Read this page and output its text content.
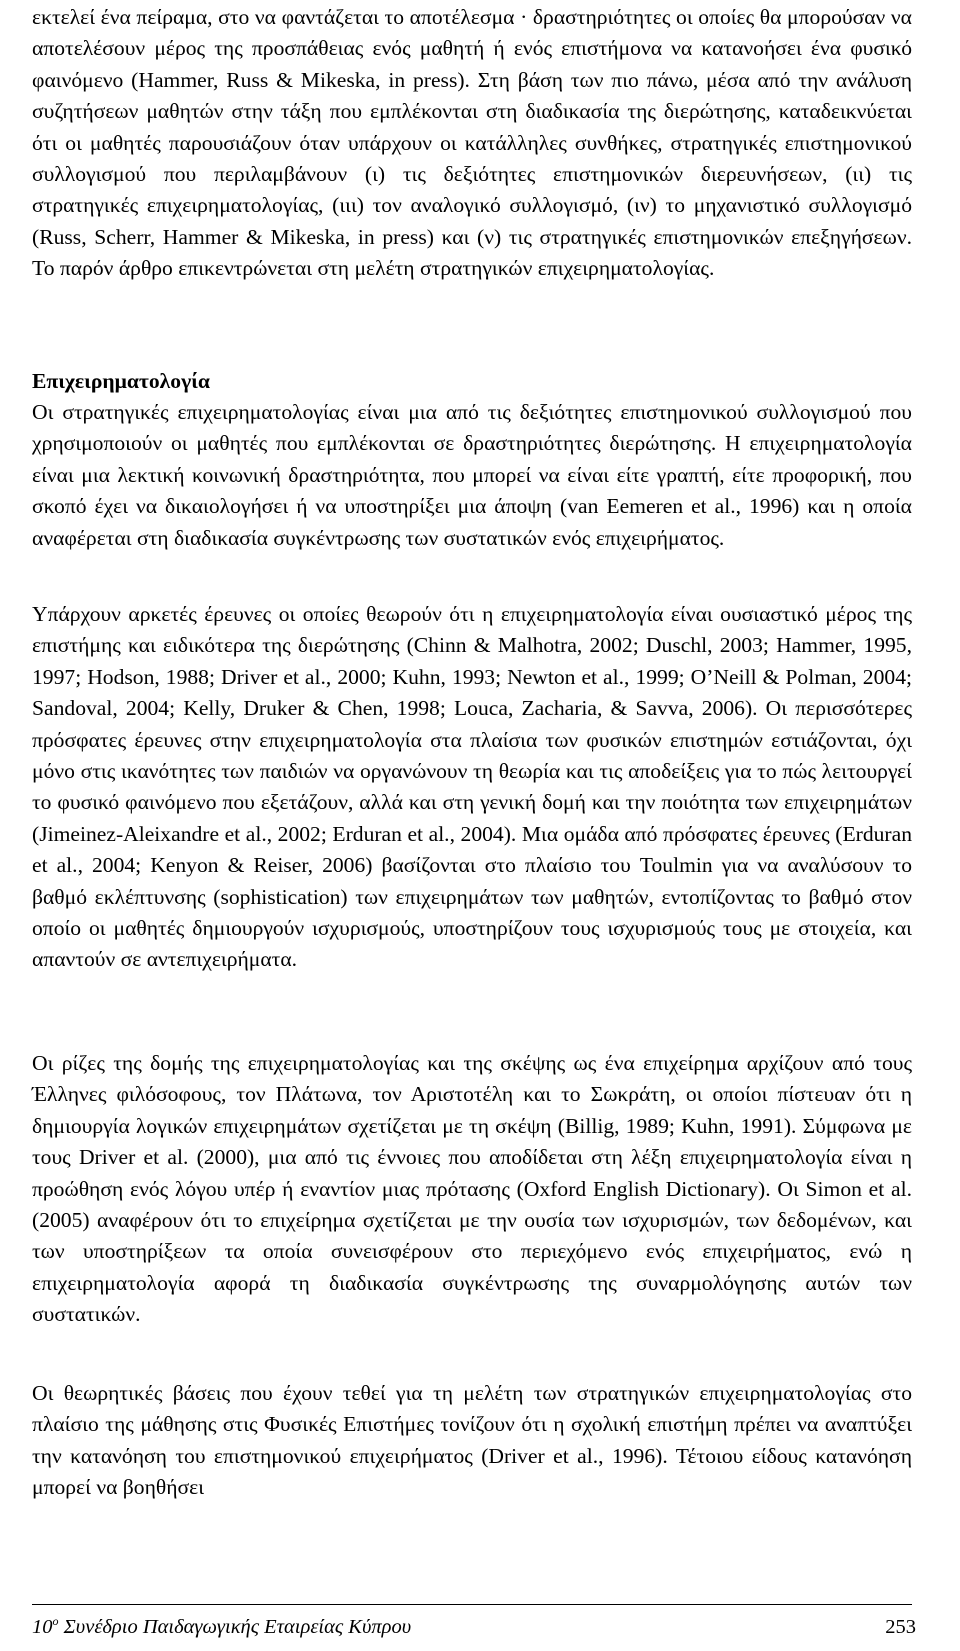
εκτελεί ένα πείραμα, στο να φαντάζεται το αποτέλεσμα · δραστηριότητες οι οποίες θα μπορούσαν να αποτελέσουν μέρος της προσπάθειας ενός μαθητή ή ενός επιστήμονα να κατανοήσει ένα φυσικό φαινόμενο (Hammer, Russ & Mikeska, in press). Στη βάση των πιο πάνω, μέσα από την ανάλυση συζητήσεων μαθητών στην τάξη που εμπλέκονται στη διαδικασία της διερώτησης, καταδεικνύεται ότι οι μαθητές παρουσιάζουν όταν υπάρχουν οι κατάλληλες συνθήκες, στρατηγικές επιστημονικού συλλογισμού που περιλαμβάνουν (ι) τις δεξιότητες επιστημονικών διερευνήσεων, (ιι) τις στρατηγικές επιχειρηματολογίας, (ιιι) τον αναλογικό συλλογισμό, (ιν) το μηχανιστικό συλλογισμό (Russ, Scherr, Hammer & Mikeska, in press) και (ν) τις στρατηγικές επιστημονικών επεξηγήσεων. Το παρόν άρθρο επικεντρώνεται στη μελέτη στρατηγικών επιχειρηματολογίας.

Επιχειρηματολογία

Οι στρατηγικές επιχειρηματολογίας είναι μια από τις δεξιότητες επιστημονικού συλλογισμού που χρησιμοποιούν οι μαθητές που εμπλέκονται σε δραστηριότητες διερώτησης. Η επιχειρηματολογία είναι μια λεκτική κοινωνική δραστηριότητα, που μπορεί να είναι είτε γραπτή, είτε προφορική, που σκοπό έχει να δικαιολογήσει ή να υποστηρίξει μια άποψη (van Eemeren et al., 1996) και η οποία αναφέρεται στη διαδικασία συγκέντρωσης των συστατικών ενός επιχειρήματος.

Υπάρχουν αρκετές έρευνες οι οποίες θεωρούν ότι η επιχειρηματολογία είναι ουσιαστικό μέρος της επιστήμης και ειδικότερα της διερώτησης (Chinn & Malhotra, 2002; Duschl, 2003; Hammer, 1995, 1997; Hodson, 1988; Driver et al., 2000; Kuhn, 1993; Newton et al., 1999; O’Neill & Polman, 2004; Sandoval, 2004; Kelly, Druker & Chen, 1998; Louca, Zacharia, & Savva, 2006). Οι περισσότερες πρόσφατες έρευνες στην επιχειρηματολογία στα πλαίσια των φυσικών επιστημών εστιάζονται, όχι μόνο στις ικανότητες των παιδιών να οργανώνουν τη θεωρία και τις αποδείξεις για το πώς λειτουργεί το φυσικό φαινόμενο που εξετάζουν, αλλά και στη γενική δομή και την ποιότητα των επιχειρημάτων (Jimeinez-Aleixandre et al., 2002; Erduran et al., 2004). Μια ομάδα από πρόσφατες έρευνες (Erduran et al., 2004; Kenyon & Reiser, 2006) βασίζονται στο πλαίσιο του Toulmin για να αναλύσουν το βαθμό εκλέπτυνσης (sophistication) των επιχειρημάτων των μαθητών, εντοπίζοντας το βαθμό στον οποίο οι μαθητές δημιουργούν ισχυρισμούς, υποστηρίζουν τους ισχυρισμούς τους με στοιχεία, και απαντούν σε αντεπιχειρήματα.

Οι ρίζες της δομής της επιχειρηματολογίας και της σκέψης ως ένα επιχείρημα αρχίζουν από τους Έλληνες φιλόσοφους, τον Πλάτωνα, τον Αριστοτέλη και το Σωκράτη, οι οποίοι πίστευαν ότι η δημιουργία λογικών επιχειρημάτων σχετίζεται με τη σκέψη (Billig, 1989; Kuhn, 1991). Σύμφωνα με τους Driver et al. (2000), μια από τις έννοιες που αποδίδεται στη λέξη επιχειρηματολογία είναι η προώθηση ενός λόγου υπέρ ή εναντίον μιας πρότασης (Oxford English Dictionary). Οι Simon et al. (2005) αναφέρουν ότι το επιχείρημα σχετίζεται με την ουσία των ισχυρισμών, των δεδομένων, και των υποστηρίξεων τα οποία συνεισφέρουν στο περιεχόμενο ενός επιχειρήματος, ενώ η επιχειρηματολογία αφορά τη διαδικασία συγκέντρωσης της συναρμολόγησης αυτών των συστατικών.

Οι θεωρητικές βάσεις που έχουν τεθεί για τη μελέτη των στρατηγικών επιχειρηματολογίας στο πλαίσιο της μάθησης στις Φυσικές Επιστήμες τονίζουν ότι η σχολική επιστήμη πρέπει να αναπτύξει την κατανόηση του επιστημονικού επιχειρήματος (Driver et al., 1996). Τέτοιου είδους κατανόηση μπορεί να βοηθήσει

$10^o$ Συνέδριο Παιδαγωγικής Εταιρείας Κύπρου	253
